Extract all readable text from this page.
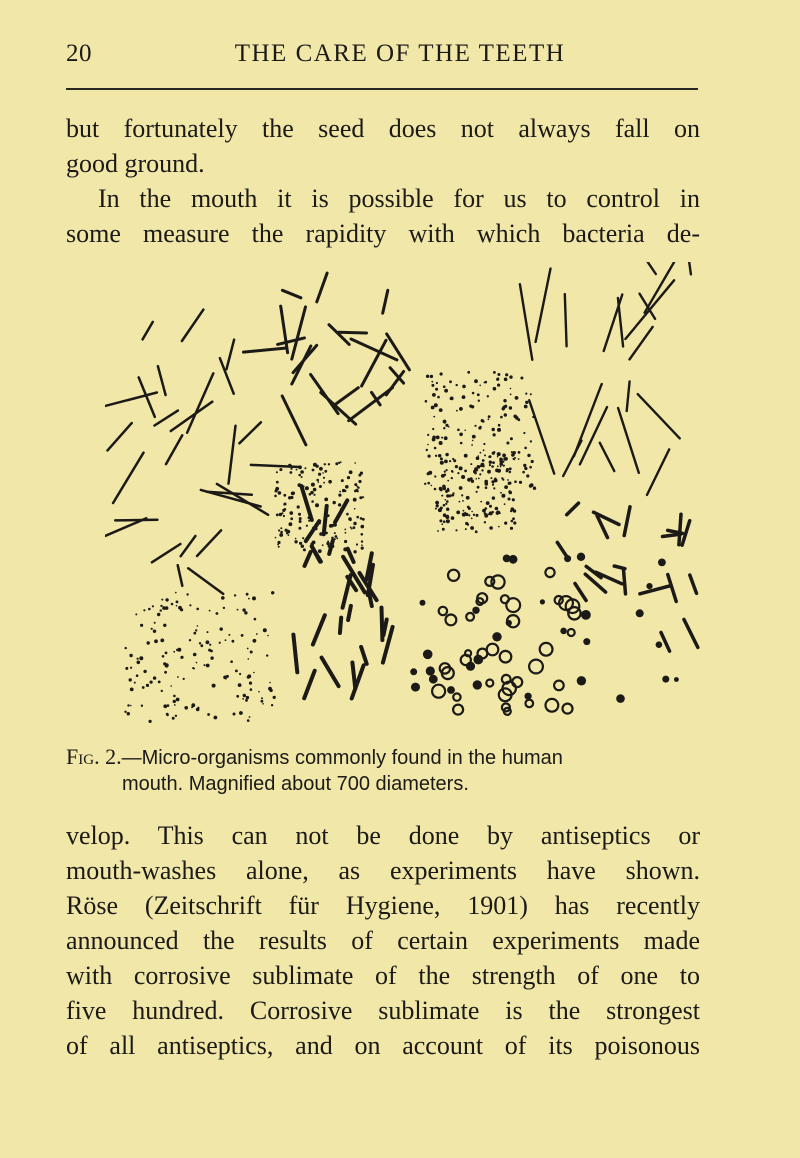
20	THE CARE OF THE TEETH

but fortunately the seed does not always fall on
good ground.

In the mouth it is possible for us to control in
some measure the rapidity with which bacteria de-

Fig. 2.—Micro-organisms commonly found in the human
mouth. Magnified about 700 diameters.

velop. This can not be done by antiseptics or
mouth-washes alone, as experiments have shown.
Röse (Zeitschrift für Hygiene, 1901) has recently
announced the results of certain experiments made
with corrosive sublimate of the strength of one to
five hundred. Corrosive sublimate is the strongest
of all antiseptics, and on account of its poisonous
